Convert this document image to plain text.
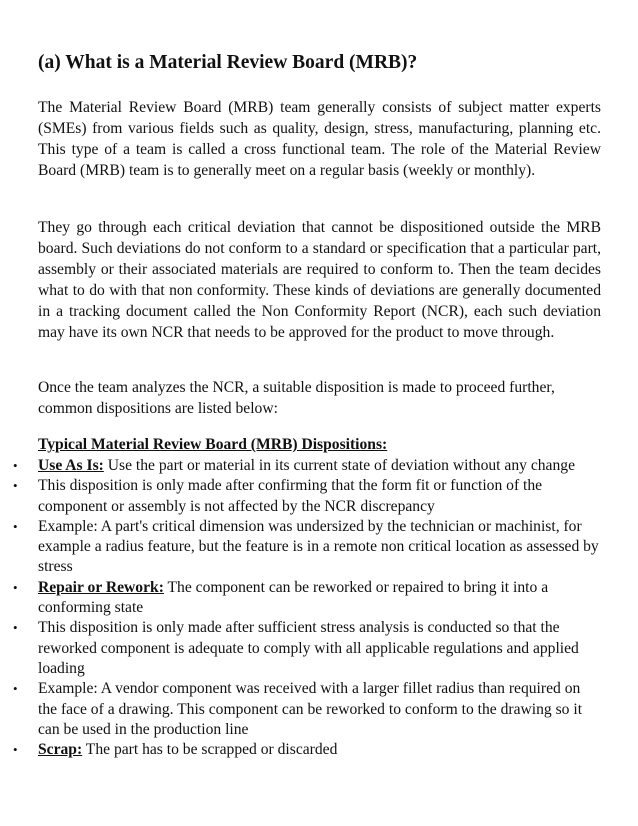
(a) What is a Material Review Board (MRB)?

The Material Review Board (MRB) team generally consists of subject matter experts (SMEs) from various fields such as quality, design, stress, manufacturing, planning etc. This type of a team is called a cross functional team. The role of the Material Review Board (MRB) team is to generally meet on a regular basis (weekly or monthly).

They go through each critical deviation that cannot be dispositioned outside the MRB board. Such deviations do not conform to a standard or specification that a particular part, assembly or their associated materials are required to conform to. Then the team decides what to do with that non conformity. These kinds of deviations are generally documented in a tracking document called the Non Conformity Report (NCR), each such deviation may have its own NCR that needs to be approved for the product to move through.

Once the team analyzes the NCR, a suitable disposition is made to proceed further, common dispositions are listed below:

Typical Material Review Board (MRB) Dispositions:
• Use As Is: Use the part or material in its current state of deviation without any change
• This disposition is only made after confirming that the form fit or function of the component or assembly is not affected by the NCR discrepancy
• Example: A part's critical dimension was undersized by the technician or machinist, for example a radius feature, but the feature is in a remote non critical location as assessed by stress
• Repair or Rework: The component can be reworked or repaired to bring it into a conforming state
• This disposition is only made after sufficient stress analysis is conducted so that the reworked component is adequate to comply with all applicable regulations and applied loading
• Example: A vendor component was received with a larger fillet radius than required on the face of a drawing. This component can be reworked to conform to the drawing so it can be used in the production line
• Scrap: The part has to be scrapped or discarded
